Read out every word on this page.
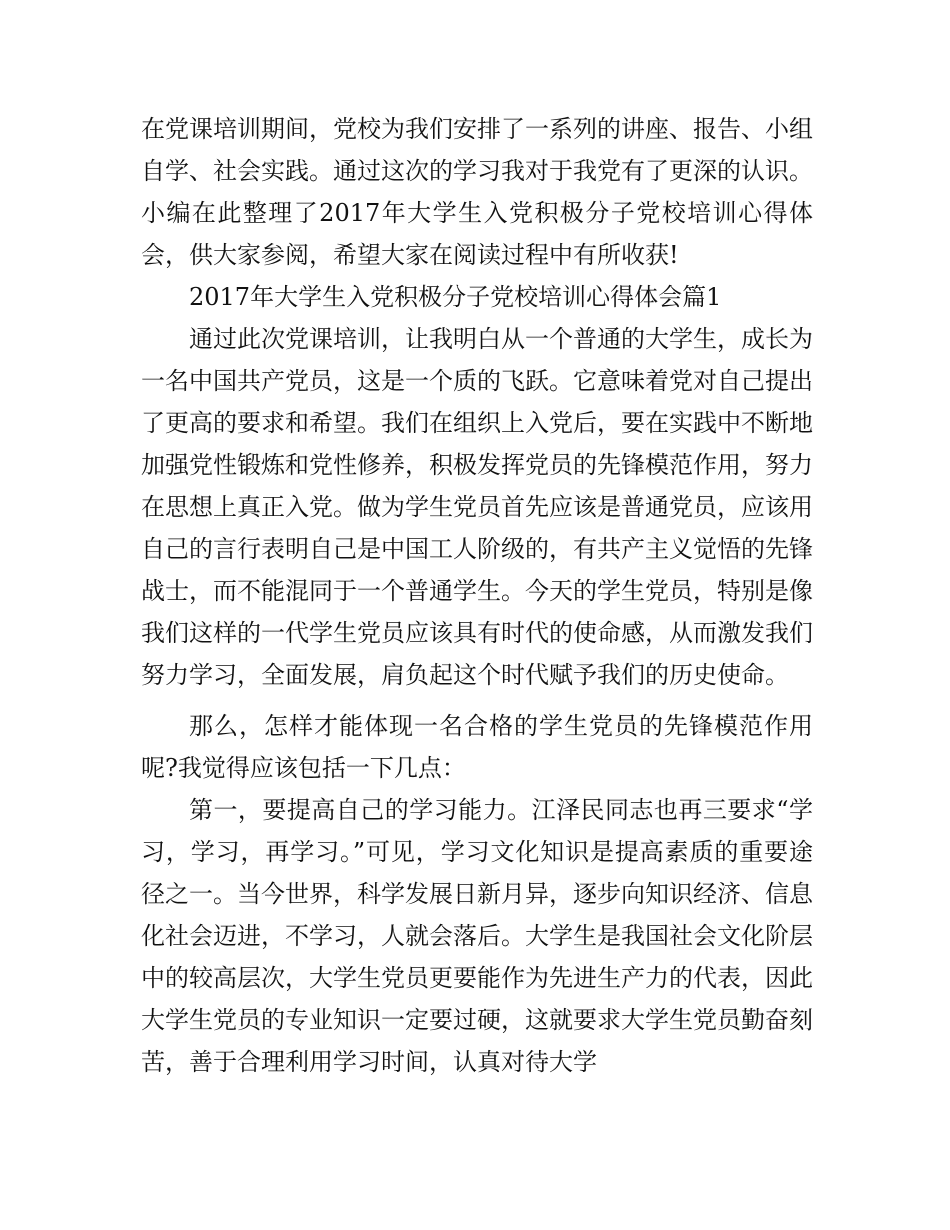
在党课培训期间，党校为我们安排了一系列的讲座、报告、小组自学、社会实践。通过这次的学习我对于我党有了更深的认识。小编在此整理了2017年大学生入党积极分子党校培训心得体会，供大家参阅，希望大家在阅读过程中有所收获!

2017年大学生入党积极分子党校培训心得体会篇1

通过此次党课培训，让我明白从一个普通的大学生，成长为一名中国共产党员，这是一个质的飞跃。它意味着党对自己提出了更高的要求和希望。我们在组织上入党后，要在实践中不断地加强党性锻炼和党性修养，积极发挥党员的先锋模范作用，努力在思想上真正入党。做为学生党员首先应该是普通党员，应该用自己的言行表明自己是中国工人阶级的，有共产主义觉悟的先锋战士，而不能混同于一个普通学生。今天的学生党员，特别是像我们这样的一代学生党员应该具有时代的使命感，从而激发我们努力学习，全面发展，肩负起这个时代赋予我们的历史使命。

那么，怎样才能体现一名合格的学生党员的先锋模范作用呢?我觉得应该包括一下几点：

第一，要提高自己的学习能力。江泽民同志也再三要求“学习，学习，再学习。”可见，学习文化知识是提高素质的重要途径之一。当今世界，科学发展日新月异，逐步向知识经济、信息化社会迈进，不学习，人就会落后。大学生是我国社会文化阶层中的较高层次，大学生党员更要能作为先进生产力的代表，因此大学生党员的专业知识一定要过硬，这就要求大学生党员勤奋刻苦，善于合理利用学习时间，认真对待大学
